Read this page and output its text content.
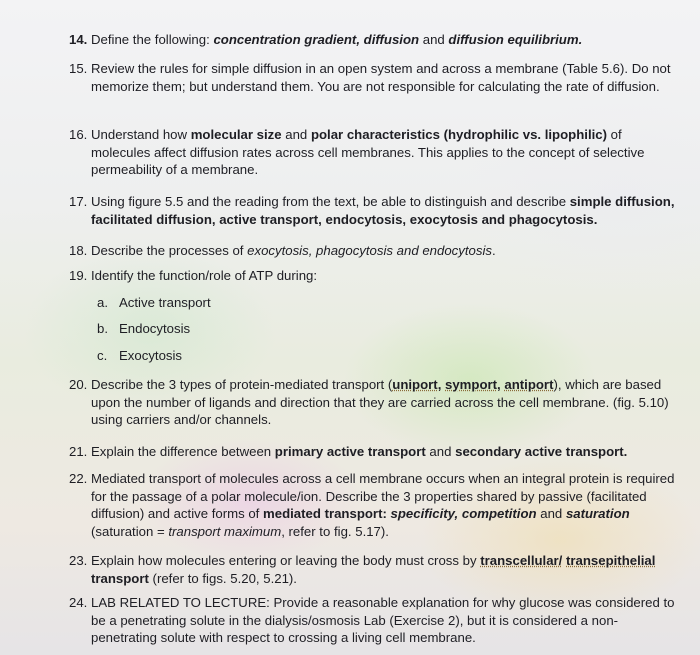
14. Define the following: concentration gradient, diffusion and diffusion equilibrium.
15. Review the rules for simple diffusion in an open system and across a membrane (Table 5.6). Do not memorize them; but understand them. You are not responsible for calculating the rate of diffusion.
16. Understand how molecular size and polar characteristics (hydrophilic vs. lipophilic) of molecules affect diffusion rates across cell membranes. This applies to the concept of selective permeability of a membrane.
17. Using figure 5.5 and the reading from the text, be able to distinguish and describe simple diffusion, facilitated diffusion, active transport, endocytosis, exocytosis and phagocytosis.
18. Describe the processes of exocytosis, phagocytosis and endocytosis.
19. Identify the function/role of ATP during:
a. Active transport
b. Endocytosis
c. Exocytosis
20. Describe the 3 types of protein-mediated transport (uniport, symport, antiport), which are based upon the number of ligands and direction that they are carried across the cell membrane. (fig. 5.10) using carriers and/or channels.
21. Explain the difference between primary active transport and secondary active transport.
22. Mediated transport of molecules across a cell membrane occurs when an integral protein is required for the passage of a polar molecule/ion. Describe the 3 properties shared by passive (facilitated diffusion) and active forms of mediated transport: specificity, competition and saturation (saturation = transport maximum, refer to fig. 5.17).
23. Explain how molecules entering or leaving the body must cross by transcellular/ transepithelial transport (refer to figs. 5.20, 5.21).
24. LAB RELATED TO LECTURE: Provide a reasonable explanation for why glucose was considered to be a penetrating solute in the dialysis/osmosis Lab (Exercise 2), but it is considered a non-penetrating solute with respect to crossing a living cell membrane.
